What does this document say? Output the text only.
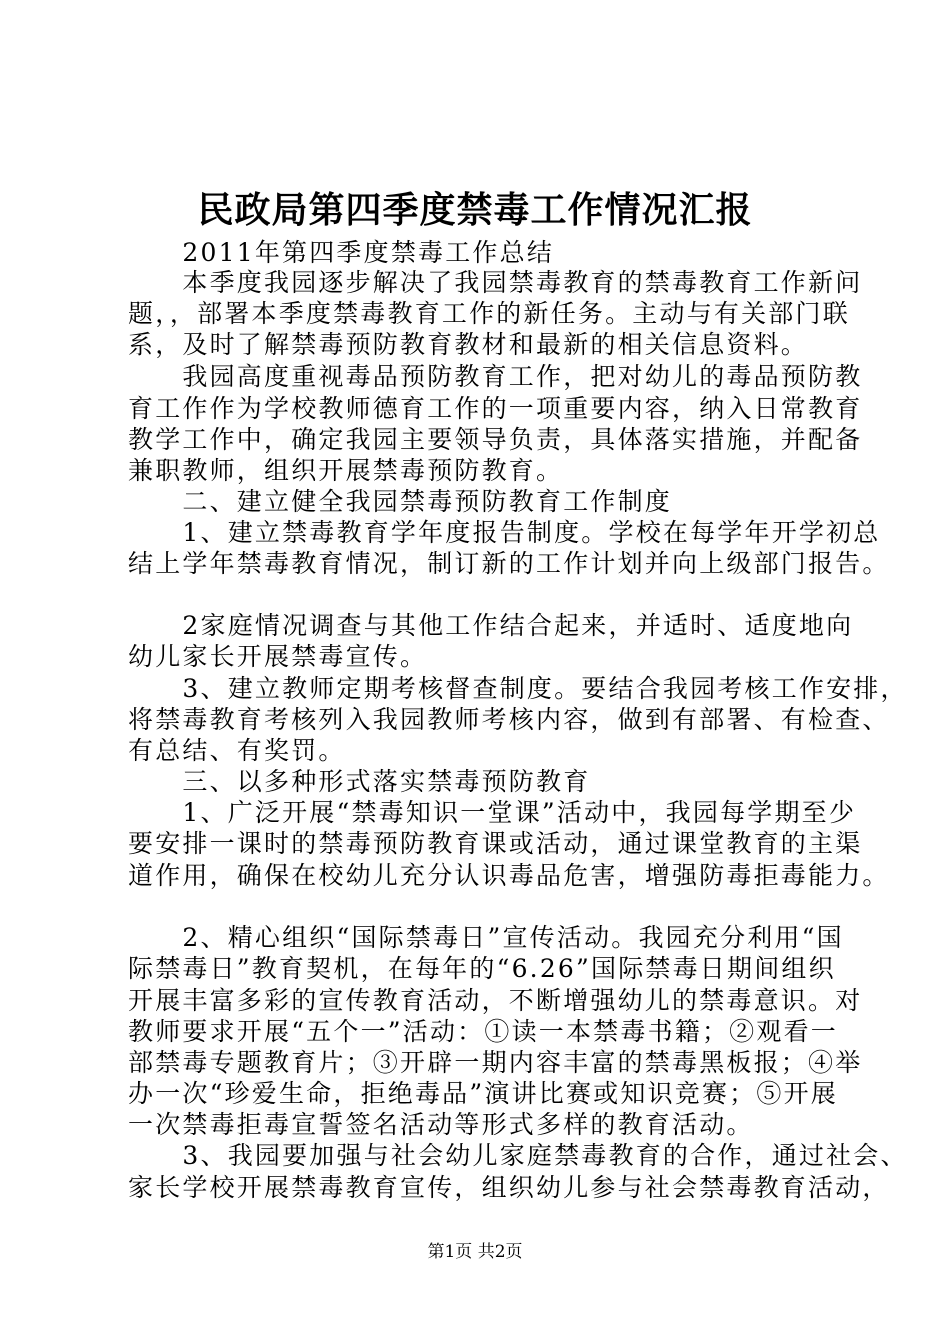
民政局第四季度禁毒工作情况汇报
　　2011年第四季度禁毒工作总结
　　本季度我园逐步解决了我园禁毒教育的禁毒教育工作新问
题，，部署本季度禁毒教育工作的新任务。主动与有关部门联
系，及时了解禁毒预防教育教材和最新的相关信息资料。
　　我园高度重视毒品预防教育工作，把对幼儿的毒品预防教
育工作作为学校教师德育工作的一项重要内容，纳入日常教育
教学工作中，确定我园主要领导负责，具体落实措施，并配备
兼职教师，组织开展禁毒预防教育。
　　二、建立健全我园禁毒预防教育工作制度
　　1、建立禁毒教育学年度报告制度。学校在每学年开学初总
结上学年禁毒教育情况，制订新的工作计划并向上级部门报告。
　　2家庭情况调查与其他工作结合起来，并适时、适度地向
幼儿家长开展禁毒宣传。
　　3、建立教师定期考核督查制度。要结合我园考核工作安排，
将禁毒教育考核列入我园教师考核内容，做到有部署、有检查、
有总结、有奖罚。
　　三、以多种形式落实禁毒预防教育
　　1、广泛开展“禁毒知识一堂课”活动中，我园每学期至少
要安排一课时的禁毒预防教育课或活动，通过课堂教育的主渠
道作用，确保在校幼儿充分认识毒品危害，增强防毒拒毒能力。
　　2、精心组织“国际禁毒日”宣传活动。我园充分利用“国
际禁毒日”教育契机，在每年的“6.26”国际禁毒日期间组织
开展丰富多彩的宣传教育活动，不断增强幼儿的禁毒意识。对
教师要求开展“五个一”活动：①读一本禁毒书籍；②观看一
部禁毒专题教育片；③开辟一期内容丰富的禁毒黑板报；④举
办一次“珍爱生命，拒绝毒品”演讲比赛或知识竞赛；⑤开展
一次禁毒拒毒宣誓签名活动等形式多样的教育活动。
　　3、我园要加强与社会幼儿家庭禁毒教育的合作，通过社会、
家长学校开展禁毒教育宣传，组织幼儿参与社会禁毒教育活动，
第1页 共2页
